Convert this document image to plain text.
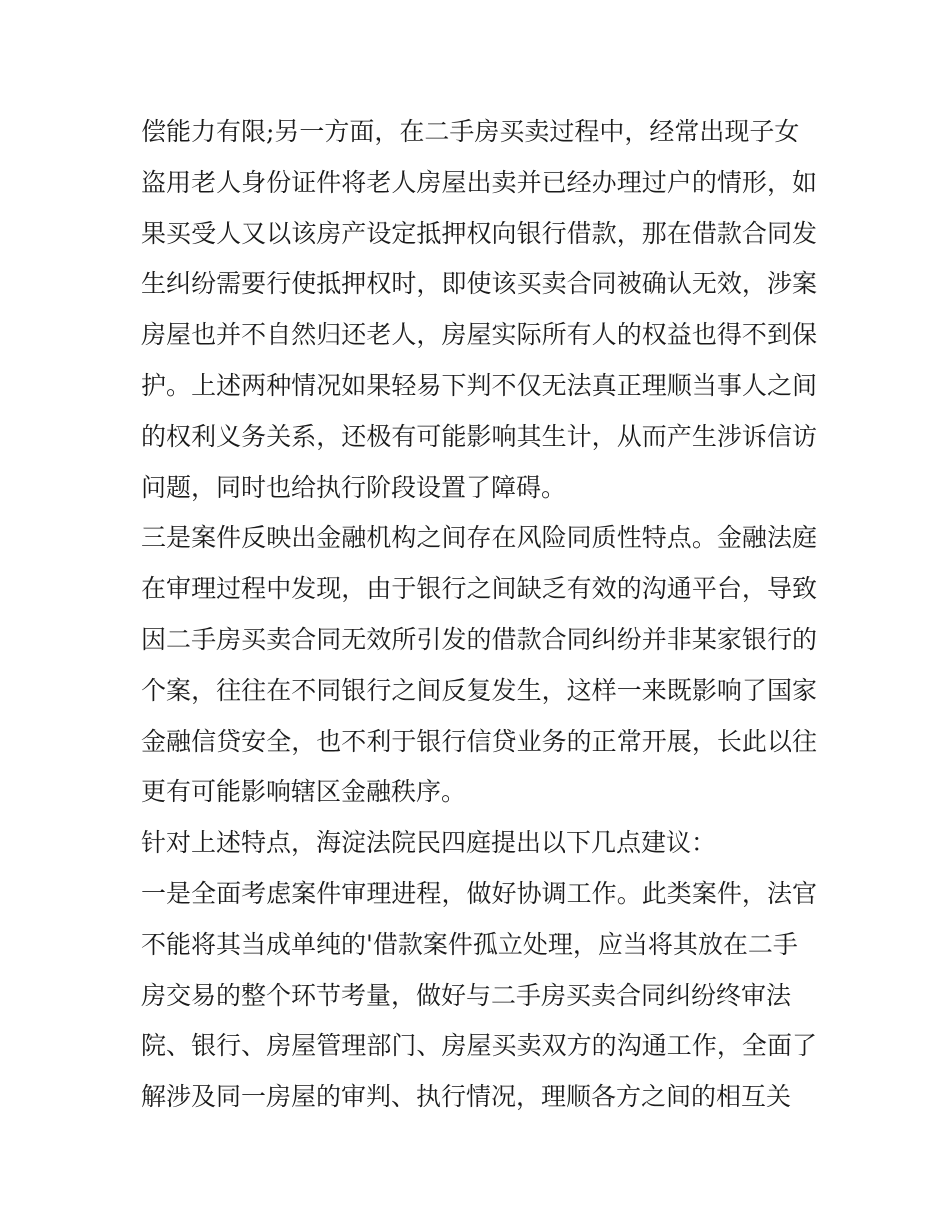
偿能力有限;另一方面，在二手房买卖过程中，经常出现子女
盗用老人身份证件将老人房屋出卖并已经办理过户的情形，如
果买受人又以该房产设定抵押权向银行借款，那在借款合同发
生纠纷需要行使抵押权时，即使该买卖合同被确认无效，涉案
房屋也并不自然归还老人，房屋实际所有人的权益也得不到保
护。上述两种情况如果轻易下判不仅无法真正理顺当事人之间
的权利义务关系，还极有可能影响其生计，从而产生涉诉信访
问题，同时也给执行阶段设置了障碍。
三是案件反映出金融机构之间存在风险同质性特点。金融法庭
在审理过程中发现，由于银行之间缺乏有效的沟通平台，导致
因二手房买卖合同无效所引发的借款合同纠纷并非某家银行的
个案，往往在不同银行之间反复发生，这样一来既影响了国家
金融信贷安全，也不利于银行信贷业务的正常开展，长此以往
更有可能影响辖区金融秩序。
针对上述特点，海淀法院民四庭提出以下几点建议：
一是全面考虑案件审理进程，做好协调工作。此类案件，法官
不能将其当成单纯的'借款案件孤立处理，应当将其放在二手
房交易的整个环节考量，做好与二手房买卖合同纠纷终审法
院、银行、房屋管理部门、房屋买卖双方的沟通工作，全面了
解涉及同一房屋的审判、执行情况，理顺各方之间的相互关
